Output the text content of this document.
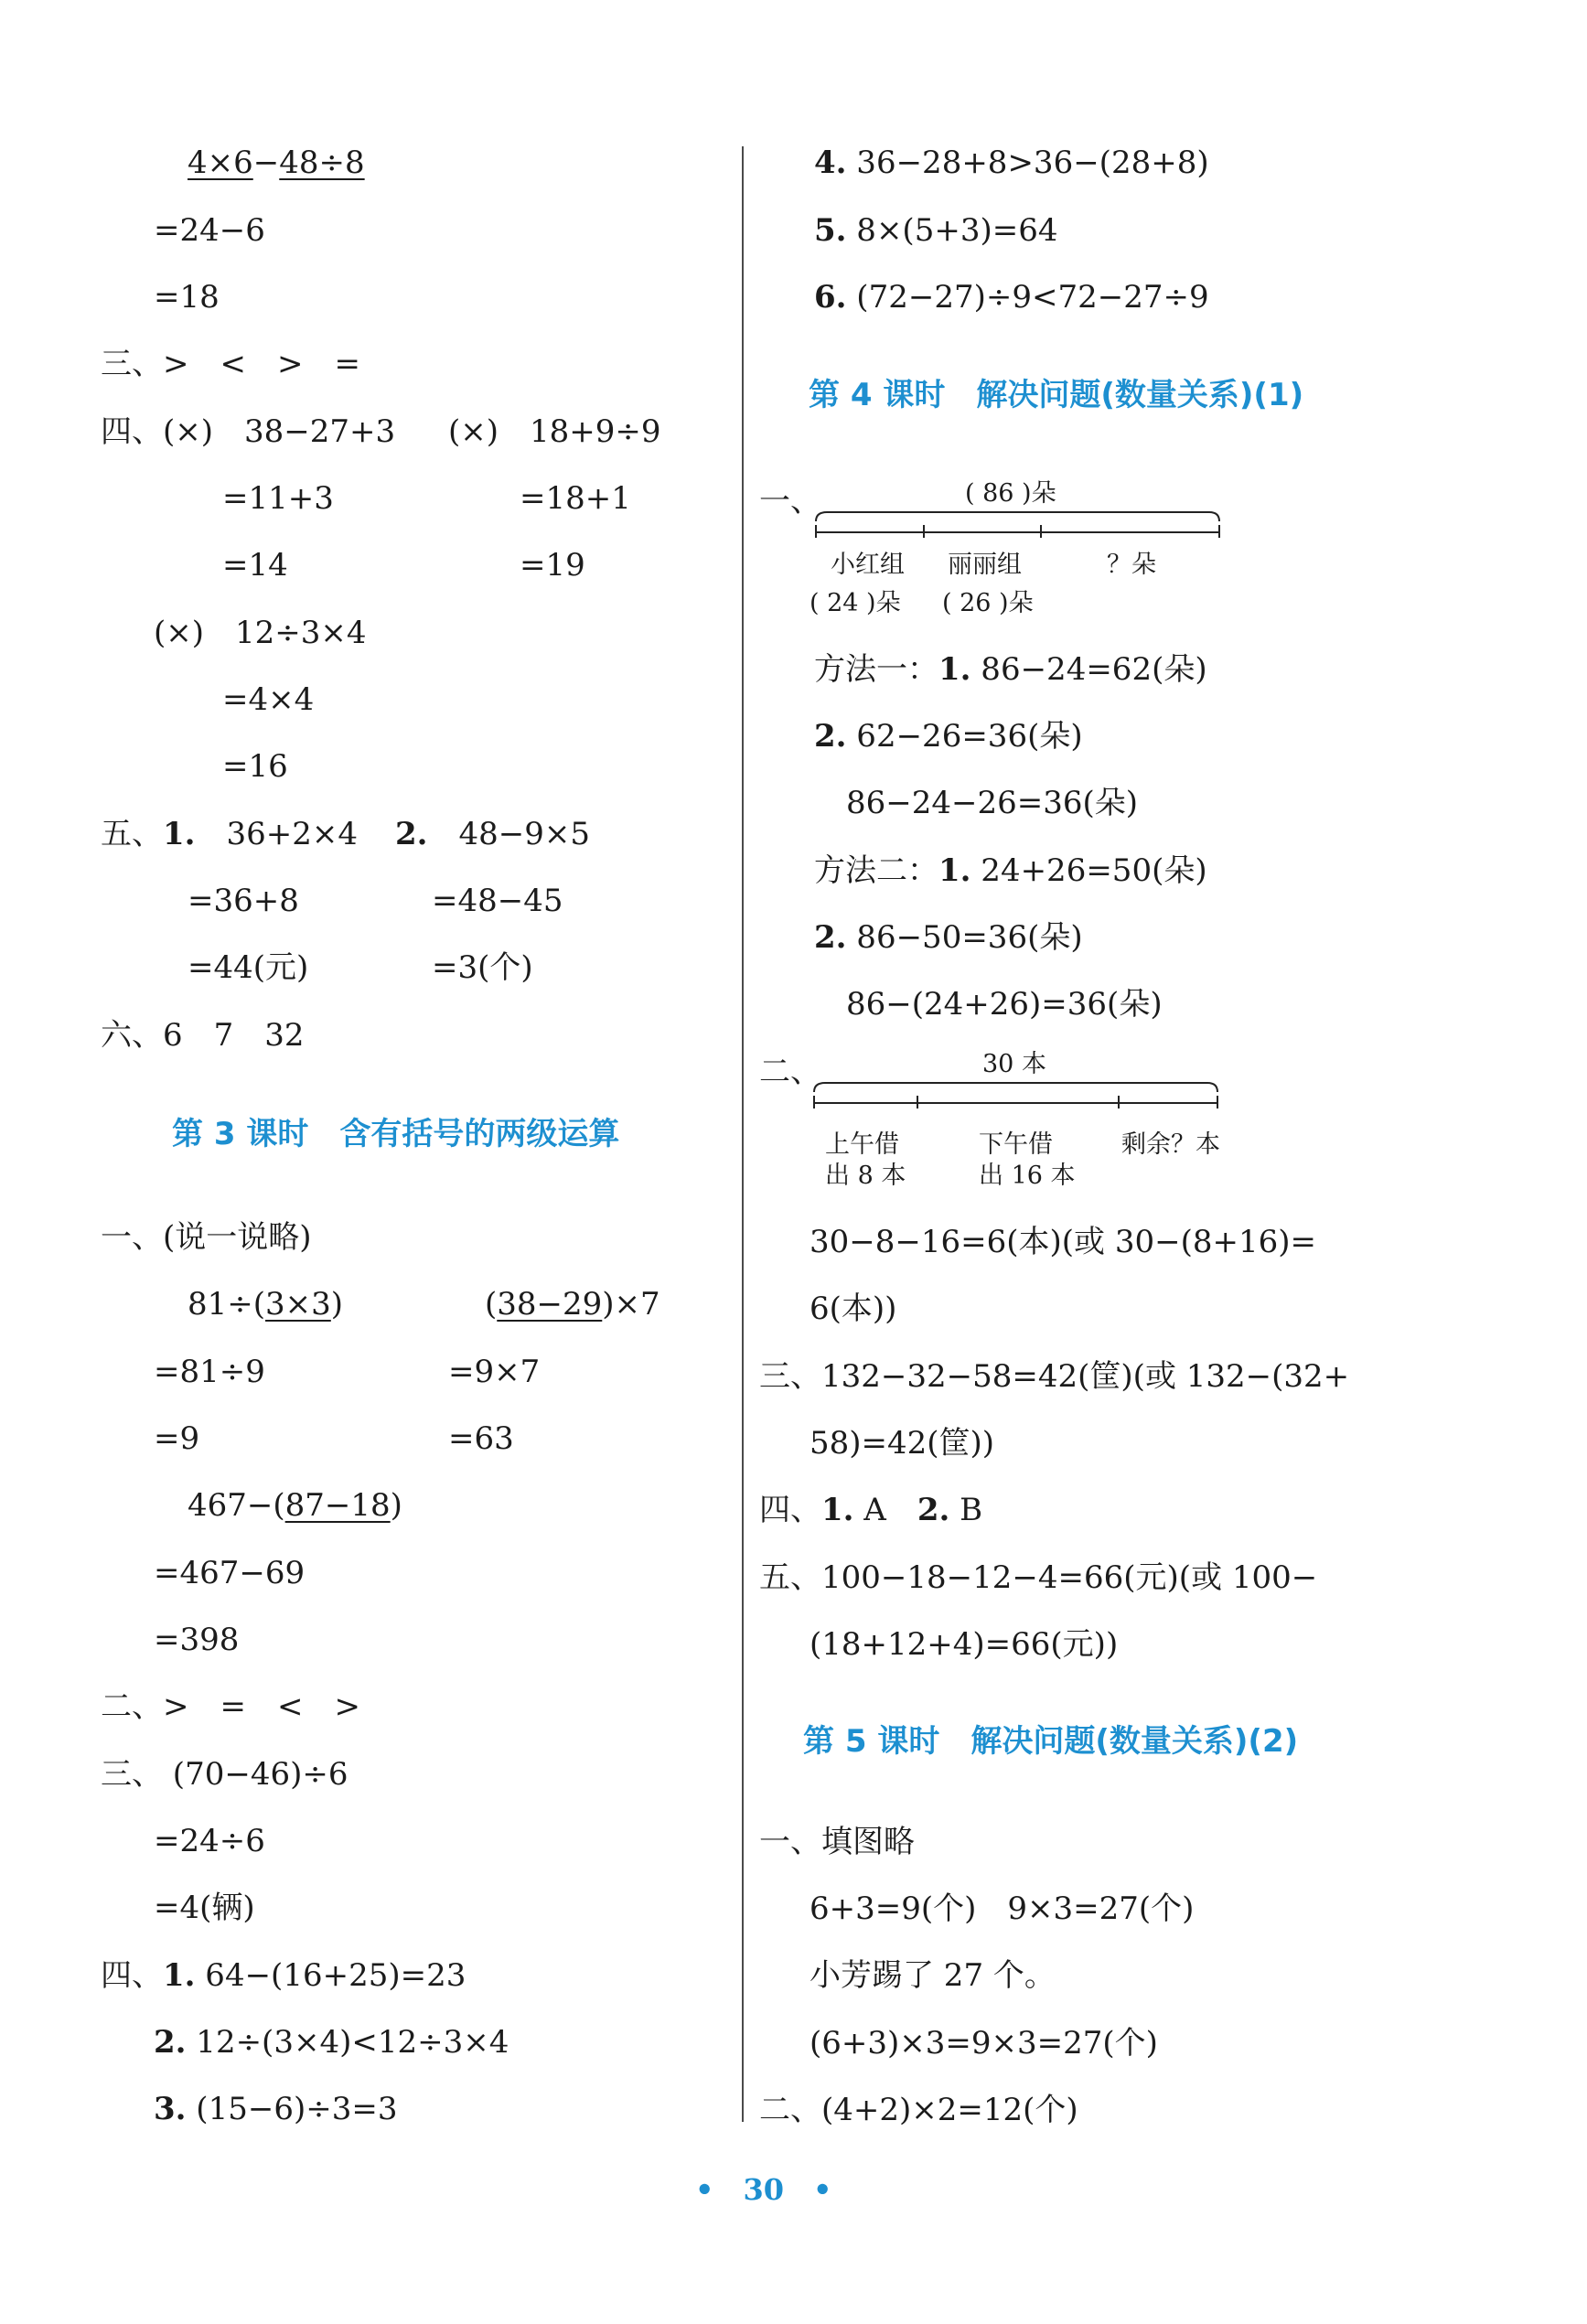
4×6−48÷8
=24−6
=18
三、>　<　>　=
四、(×)　38−27+3 (×)　18+9÷9
=11+3	=18+1
=14	=19
(×)　12÷3×4
=4×4
=16
五、1.　36+2×4 2.　48−9×5
=36+8	=48−45
=44(元)	=3(个)
六、6　7　32
第 3 课时　含有括号的两级运算
一、(说一说略)
81÷(3×3)	(38−29)×7
=81÷9	=9×7
=9	=63
467−(87−18)
=467−69
=398
二、>　=　<　>
三、 (70−46)÷6
=24÷6
=4(辆)
四、1. 64−(16+25)=23
2. 12÷(3×4)<12÷3×4
3. (15−6)÷3=3
4. 36−28+8>36−(28+8)
5. 8×(5+3)=64
6. (72−27)÷9<72−27÷9
第 4 课时　解决问题(数量关系)(1)
一、	( 86 )朵
小红组 丽丽组	？朵
( 24 )朵 ( 26 )朵
方法一：1. 86−24=62(朵)
2. 62−26=36(朵)
86−24−26=36(朵)
方法二：1. 24+26=50(朵)
2. 86−50=36(朵)
86−(24+26)=36(朵)
二、	30 本
上午借
出 8 本
下午借
出 16 本
剩余？本
30−8−16=6(本)(或 30−(8+16)=
6(本))
三、132−32−58=42(筐)(或 132−(32+
58)=42(筐))
四、1. A　2. B
五、100−18−12−4=66(元)(或 100−
(18+12+4)=66(元))
第 5 课时　解决问题(数量关系)(2)
一、填图略
6+3=9(个)　9×3=27(个)
小芳踢了 27 个。
(6+3)×3=9×3=27(个)
二、(4+2)×2=12(个)
•　30　•
